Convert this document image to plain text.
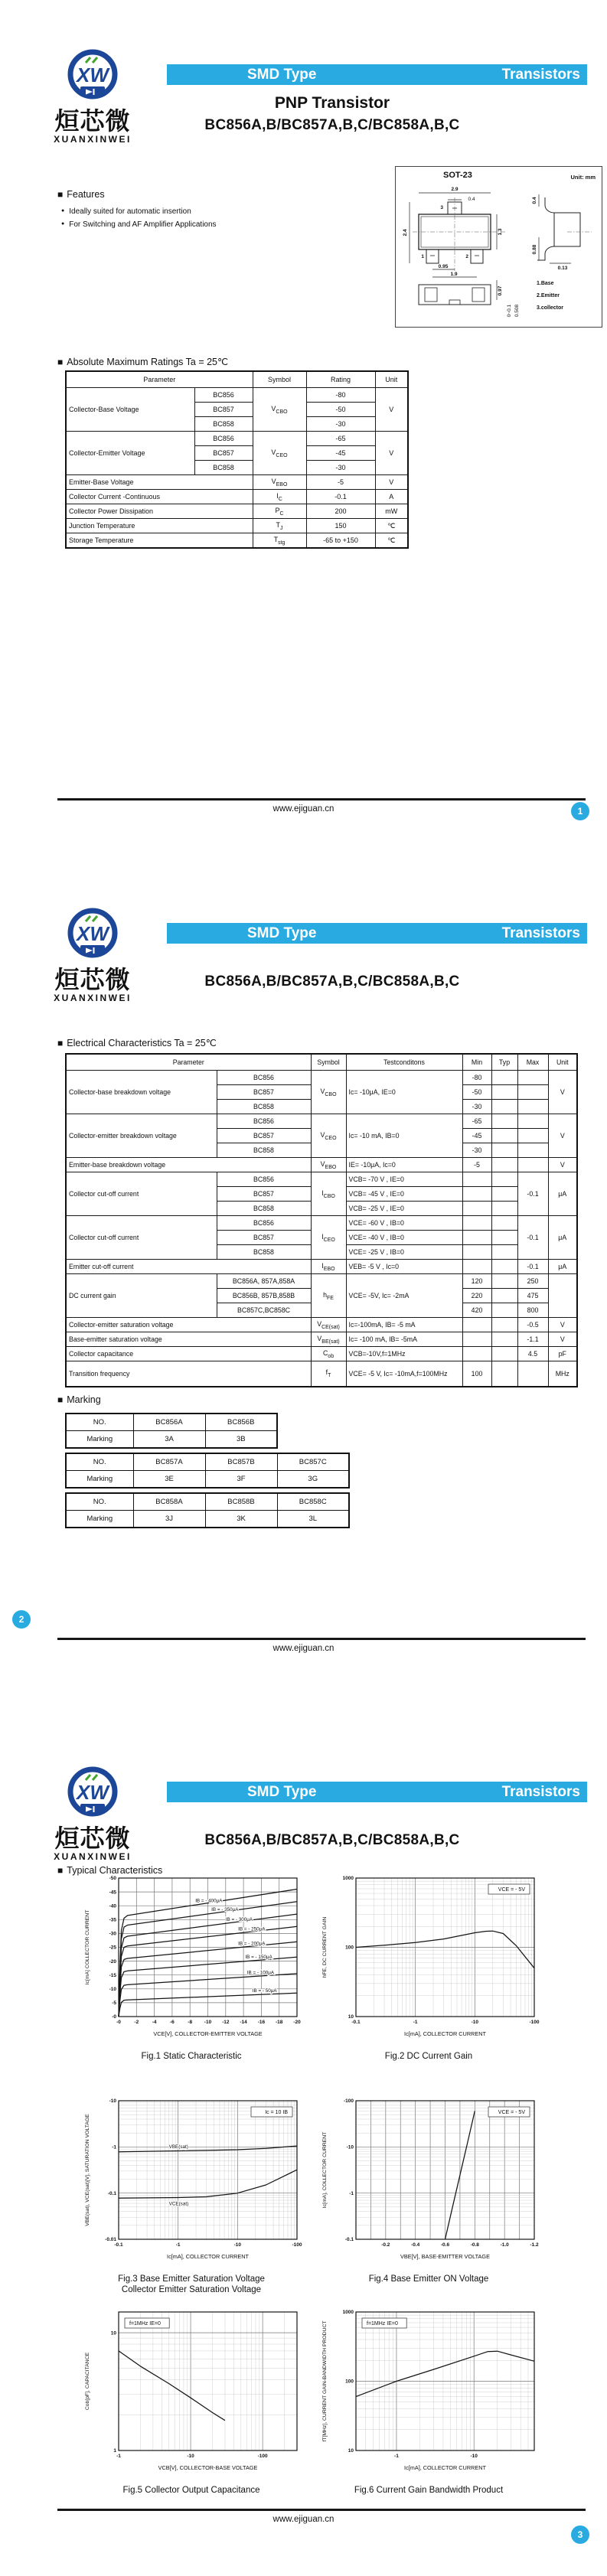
XW
烜芯微
XUANXINWEI
SMD Type	Transistors
PNP Transistor
BC856A,B/BC857A,B,C/BC858A,B,C
■ Features
● Ideally suited for automatic insertion
● For Switching and AF Amplifier Applications
SOT-23	Unit: mm
2.9
0.4
3
1	2
2.4	1.3
0.95
1.9
0.4
0.88
0.13
0.97
0~0.1 0.508
1.Base
2.Emitter
3.collector
■ Absolute Maximum Ratings Ta = 25℃
Parameter		Symbol	Rating	Unit
Collector-Base Voltage	BC856	$V_{CBO}$	-80	V
	BC857		-50	
	BC858		-30	
Collector-Emitter Voltage	BC856	$V_{CEO}$	-65	V
	BC857		-45	
	BC858		-30	
Emitter-Base Voltage		$V_{EBO}$	-5	V
Collector Current -Continuous		$I_C$	-0.1	A
Collector Power Dissipation		$P_C$	200	mW
Junction Temperature		$T_J$	150	℃
Storage Temperature		$T_{stg}$	-65 to +150	℃
www.ejiguan.cn	1
XW
烜芯微
XUANXINWEI
SMD Type	Transistors
BC856A,B/BC857A,B,C/BC858A,B,C
■ Electrical Characteristics Ta = 25℃
Parameter		Symbol	Testconditons	Min	Typ	Max	Unit
Collector-base breakdown voltage	BC856	$V_{CBO}$	Ic= -10μA, IE=0	-80			V
	BC857			-50			
	BC858			-30			
Collector-emitter breakdown voltage	BC856	$V_{CEO}$	Ic= -10 mA, IB=0	-65			V
	BC857			-45			
	BC858			-30			
Emitter-base breakdown voltage		$V_{EBO}$	IE= -10μA, Ic=0	-5			V
Collector cut-off current	BC856	$I_{CBO}$	VCB= -70 V , IE=0			-0.1	μA
	BC857		VCB= -45 V , IE=0				
	BC858		VCB= -25 V , IE=0				
Collector cut-off current	BC856	$I_{CEO}$	VCE= -60 V , IB=0			-0.1	μA
	BC857		VCE= -40 V , IB=0				
	BC858		VCE= -25 V , IB=0				
Emitter cut-off current		$I_{EBO}$	VEB= -5 V , Ic=0			-0.1	μA
DC current gain	BC856A, 857A,858A	$h_{FE}$	VCE= -5V, Ic= -2mA	120		250	
	BC856B, 857B,858B			220		475	
	BC857C,BC858C			420		800	
Collector-emitter saturation voltage		$V_{CE(sat)}$	Ic=-100mA, IB= -5 mA			-0.5	V
Base-emitter saturation voltage		$V_{BE(sat)}$	Ic= -100 mA, IB= -5mA			-1.1	V
Collector capacitance		$C_{ob}$	VCB=-10V,f=1MHz			4.5	pF
Transition frequency		$f_T$	VCE= -5 V, Ic= -10mA,f=100MHz	100			MHz
■ Marking
NO.	BC856A	BC856B
Marking	3A	3B
NO.	BC857A	BC857B	BC857C
Marking	3E	3F	3G
NO.	BC858A	BC858B	BC858C
Marking	3J	3K	3L
2
www.ejiguan.cn
XW
烜芯微
XUANXINWEI
SMD Type	Transistors
BC856A,B/BC857A,B,C/BC858A,B,C
■ Typical Characteristics
-0	-2	-4	-6	-8 -10 -12 -14 -16 -18 -20
-0
-5
-10
-15
-20
-25
-30
-35
-40
-45
-50
VCE[V], COLLECTOR-EMITTER VOLTAGE
Ic[mA] COLLECTOR CURRENT
IB = - 400μA
IB = - 350μA
IB = - 300μA
IB = - 250μA
IB = - 200μA
IB = - 150μA
IB = - 100μA
IB = - 50μA
Fig.1 Static Characteristic
-0.1	-1	-10	-100
10
100
1000
Ic[mA], COLLECTOR CURRENT
hFE, DC CURRENT GAIN
VCE = - 5V
Fig.2 DC Current Gain
-0.1	-1	-10	-100
-10
-1
-0.1
-0.01
Ic[mA], COLLECTOR CURRENT
VBE(sat), VCE(sat)[V], SATURATION VOLTAGE	VBE(sat)
VCE(sat)
Ic = 10 IB
Fig.3 Base Emitter Saturation Voltage
Collector Emitter Saturation Voltage
-0.2	-0.4	-0.6	-0.8	-1.0	-1.2
-0.1
-1
-10
-100
VBE[V], BASE-EMITTER VOLTAGE
Ic[mA], COLLECTOR CURRENT
VCE = - 5V
Fig.4 Base Emitter ON Voltage
-1	-10	-100
1
10
VCB[V], COLLECTOR-BASE VOLTAGE
Cob[pF], CAPACITANCE
f=1MHz IE=0
Fig.5 Collector Output Capacitance
-1	-10
10
100
1000
Ic[mA], COLLECTOR CURRENT
fT[MHz], CURRENT GAIN-BANDWIDTH PRODUCT	f=1MHz IE=0
Fig.6 Current Gain Bandwidth Product
www.ejiguan.cn
3
